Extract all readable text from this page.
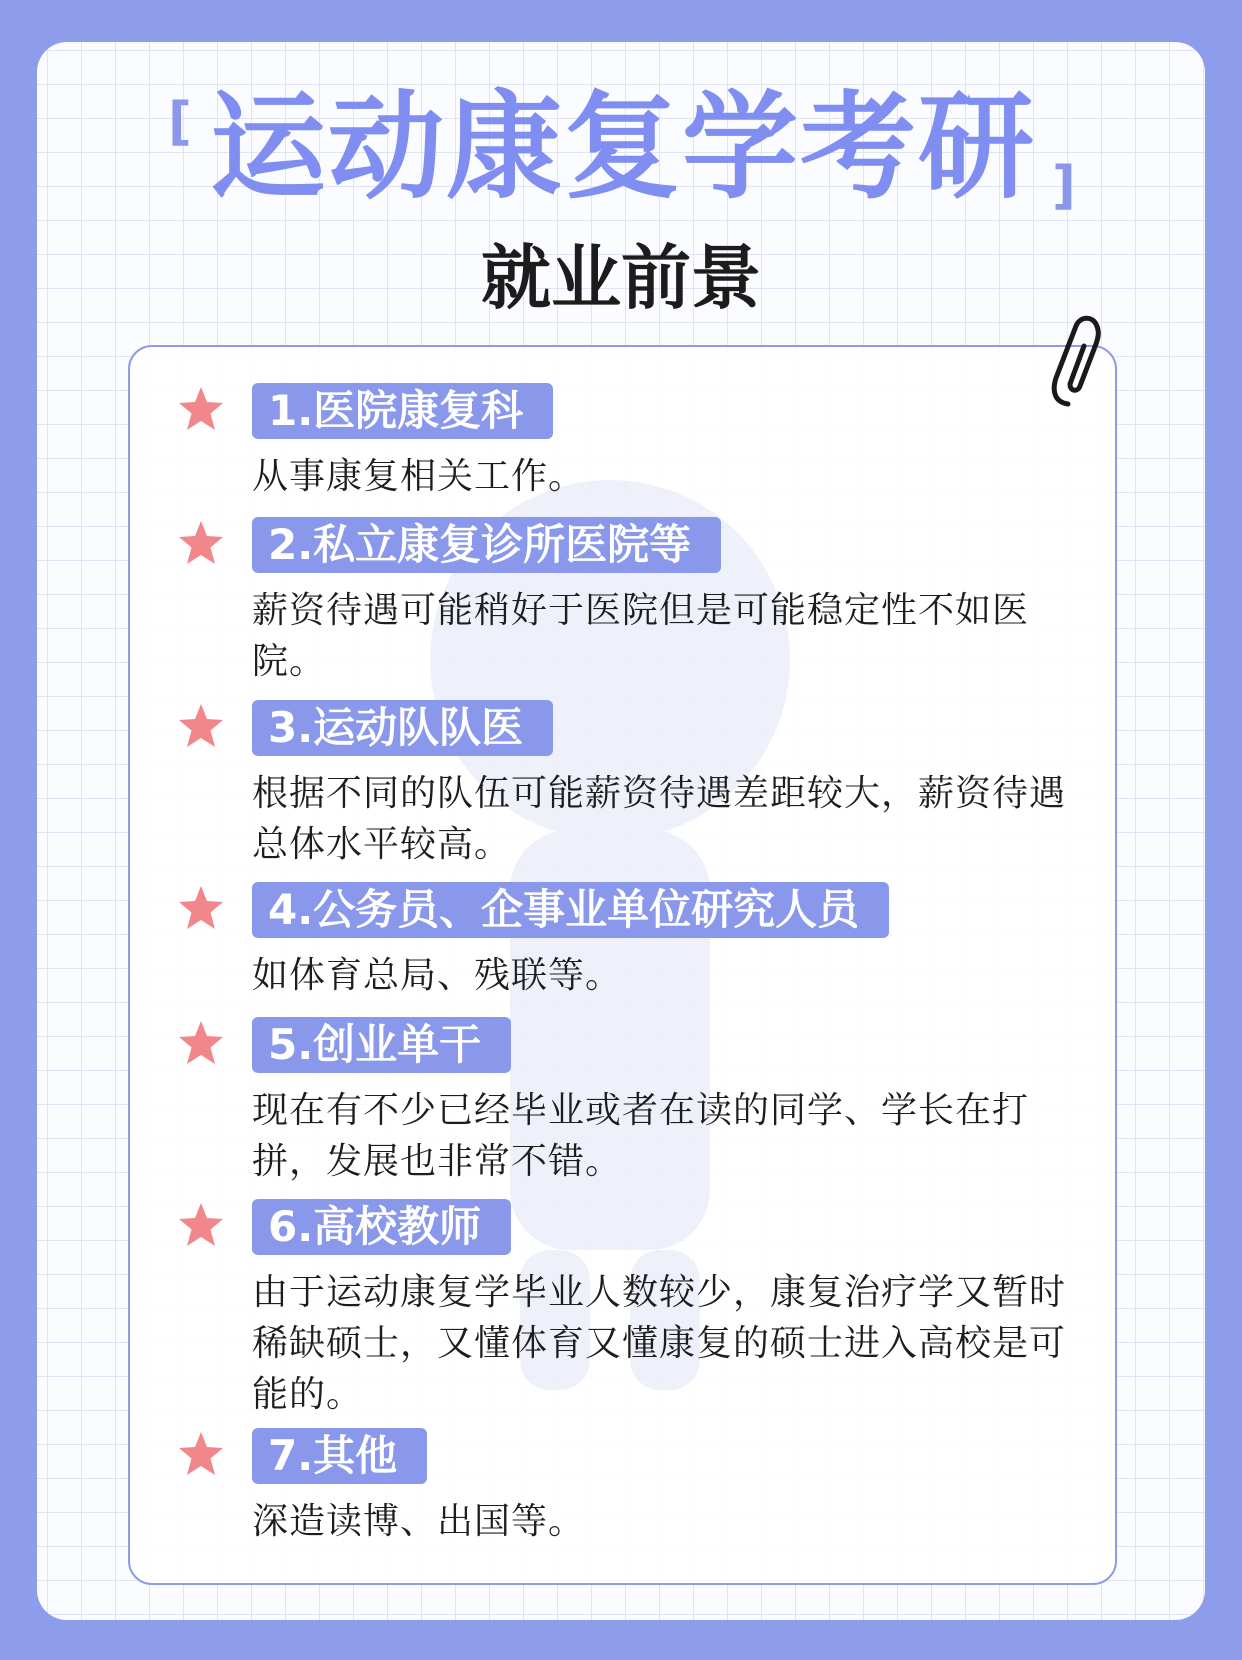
[ 运动康复学考研 ]
就业前景
1.医院康复科
从事康复相关工作。
2.私立康复诊所医院等
薪资待遇可能稍好于医院但是可能稳定性不如医院。
3.运动队队医
根据不同的队伍可能薪资待遇差距较大，薪资待遇总体水平较高。
4.公务员、企事业单位研究人员
如体育总局、残联等。
5.创业单干
现在有不少已经毕业或者在读的同学、学长在打拼，发展也非常不错。
6.高校教师
由于运动康复学毕业人数较少，康复治疗学又暂时稀缺硕士，又懂体育又懂康复的硕士进入高校是可能的。
7.其他
深造读博、出国等。
